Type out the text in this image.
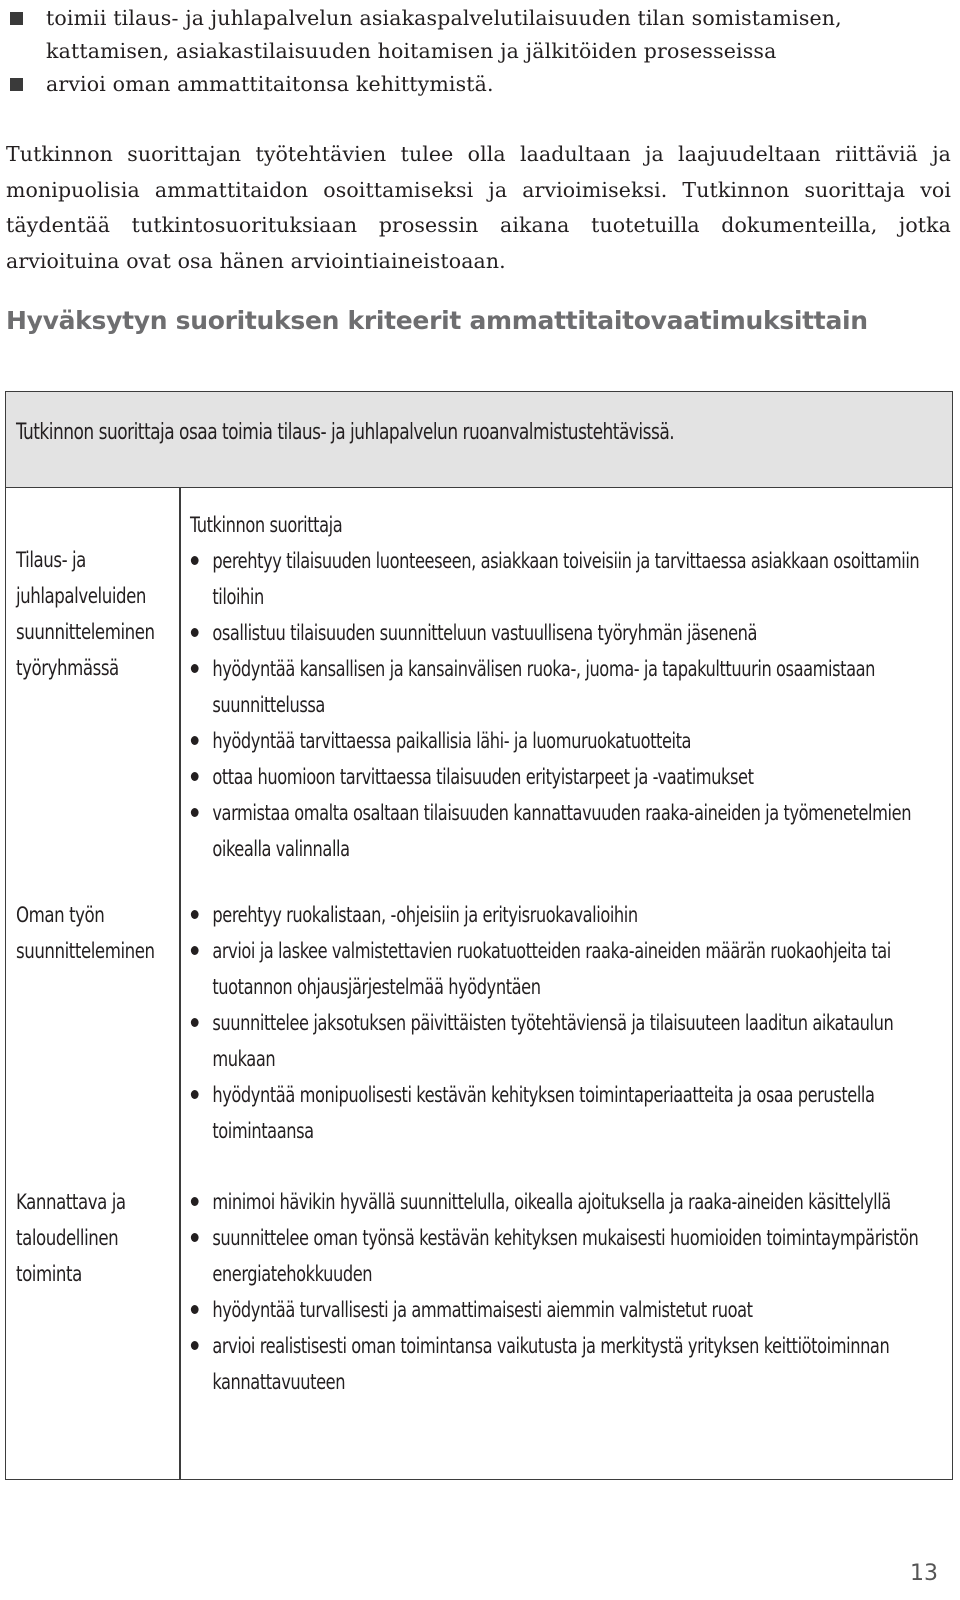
toimii tilaus- ja juhlapalvelun asiakaspalvelutilaisuuden tilan somistamisen, kattamisen, asiakastilaisuuden hoitamisen ja jälkitöiden prosesseissa
arvioi oman ammattitaitonsa kehittymistä.

Tutkinnon suorittajan työtehtävien tulee olla laadultaan ja laajuudeltaan riittäviä ja monipuolisia ammattitaidon osoittamiseksi ja arvioimiseksi. Tutkinnon suorittaja voi täydentää tutkintosuorituksiaan prosessin aikana tuotetuilla dokumenteilla, jotka arvioituina ovat osa hänen arviointiaineistoaan.

Hyväksytyn suorituksen kriteerit ammattitaitovaatimuksittain

Tutkinnon suorittaja osaa toimia tilaus- ja juhlapalvelun ruoanvalmistustehtävissä.

Tilaus- ja juhlapalveluiden suunnitteleminen työryhmässä

Tutkinnon suorittaja
perehtyy tilaisuuden luonteeseen, asiakkaan toiveisiin ja tarvittaessa asiakkaan osoittamiin tiloihin
osallistuu tilaisuuden suunnitteluun vastuullisena työryhmän jäsenenä
hyödyntää kansallisen ja kansainvälisen ruoka-, juoma- ja tapakulttuurin osaamistaan suunnittelussa
hyödyntää tarvittaessa paikallisia lähi- ja luomuruokatuotteita
ottaa huomioon tarvittaessa tilaisuuden erityistarpeet ja -vaatimukset
varmistaa omalta osaltaan tilaisuuden kannattavuuden raaka-aineiden ja työmenetelmien oikealla valinnalla

Oman työn suunnitteleminen

perehtyy ruokalistaan, -ohjeisiin ja erityisruokavalioihin
arvioi ja laskee valmistettavien ruokatuotteiden raaka-aineiden määrän ruokaohjeita tai tuotannon ohjausjärjestelmää hyödyntäen
suunnittelee jaksotuksen päivittäisten työtehtäviensä ja tilaisuuteen laaditun aikataulun mukaan
hyödyntää monipuolisesti kestävän kehityksen toimintaperiaatteita ja osaa perustella toimintaansa

Kannattava ja taloudellinen toiminta

minimoi hävikin hyvällä suunnittelulla, oikealla ajoituksella ja raaka-aineiden käsittelyllä
suunnittelee oman työnsä kestävän kehityksen mukaisesti huomioiden toimintaympäristön energiatehokkuuden
hyödyntää turvallisesti ja ammattimaisesti aiemmin valmistetut ruoat
arvioi realistisesti oman toimintansa vaikutusta ja merkitystä yrityksen keittiötoiminnan kannattavuuteen

13
